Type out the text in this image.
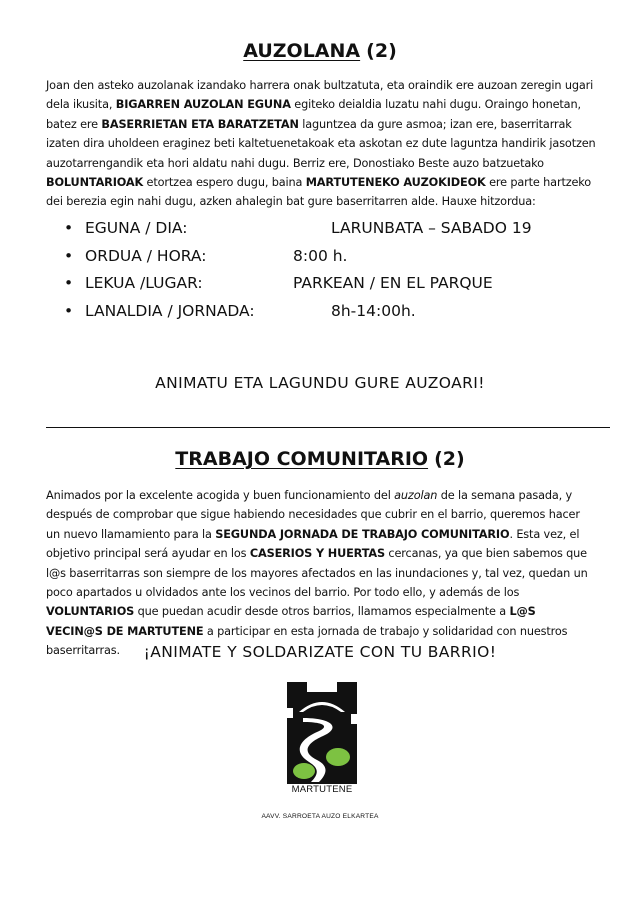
AUZOLANA (2)
Joan den asteko auzolanak izandako harrera onak bultzatuta, eta oraindik ere auzoan zeregin ugari dela ikusita, BIGARREN AUZOLAN EGUNA egiteko deialdia luzatu nahi dugu. Oraingo honetan, batez ere BASERRIETAN ETA BARATZETAN laguntzea da gure asmoa; izan ere, baserritarrak izaten dira uholdeen eraginez beti kaltetuenetakoak eta askotan ez dute laguntza handirik jasotzen auzotarrengandik eta hori aldatu nahi dugu. Berriz ere, Donostiako Beste auzo batzuetako BOLUNTARIOAK etortzea espero dugu, baina MARTUTENEKO AUZOKIDEOK ere parte hartzeko dei berezia egin nahi dugu, azken ahalegin bat gure baserritarren alde. Hauxe hitzordua:
• EGUNA / DIA:	LARUNBATA – SABADO 19
• ORDUA / HORA:	8:00 h.
• LEKUA /LUGAR:	PARKEAN / EN EL PARQUE
• LANALDIA / JORNADA:	8h-14:00h.
ANIMATU ETA LAGUNDU GURE AUZOARI!
TRABAJO COMUNITARIO (2)
Animados por la excelente acogida y buen funcionamiento del auzolan de la semana pasada, y después de comprobar que sigue habiendo necesidades que cubrir en el barrio, queremos hacer un nuevo llamamiento para la SEGUNDA JORNADA DE TRABAJO COMUNITARIO. Esta vez, el objetivo principal será ayudar en los CASERIOS Y HUERTAS cercanas, ya que bien sabemos que l@s baserritarras son siempre de los mayores afectados en las inundaciones y, tal vez, quedan un poco apartados u olvidados ante los vecinos del barrio. Por todo ello, y además de los VOLUNTARIOS que puedan acudir desde otros barrios, llamamos especialmente a L@S VECIN@S DE MARTUTENE a participar en esta jornada de trabajo y solidaridad con nuestros baserritarras.	¡ANIMATE Y SOLDARIZATE CON TU BARRIO!
MARTUTENE
AAVV. SARROETA AUZO ELKARTEA
